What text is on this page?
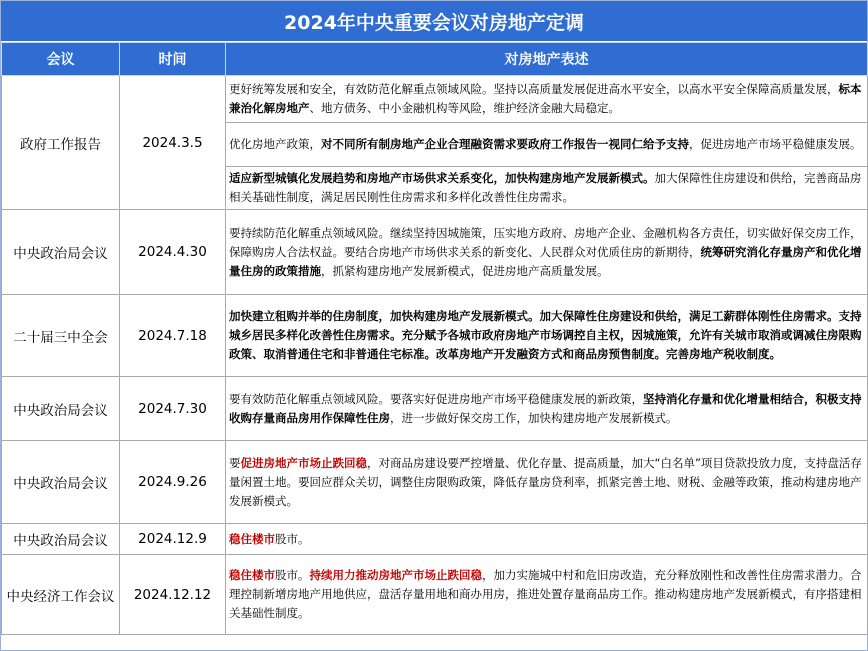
2024年中央重要会议对房地产定调
会议	时间	对房地产表述
政府工作报告	2024.3.5	更好统筹发展和安全，有效防范化解重点领域风险。坚持以高质量发展促进高水平安全，以高水平安全保障高质量发展，标本兼治化解房地产、地方债务、中小金融机构等风险，维护经济金融大局稳定。
		优化房地产政策，对不同所有制房地产企业合理融资需求要政府工作报告一视同仁给予支持，促进房地产市场平稳健康发展。
		适应新型城镇化发展趋势和房地产市场供求关系变化，加快构建房地产发展新模式。加大保障性住房建设和供给，完善商品房相关基础性制度，满足居民刚性住房需求和多样化改善性住房需求。
中央政治局会议	2024.4.30	要持续防范化解重点领域风险。继续坚持因城施策，压实地方政府、房地产企业、金融机构各方责任，切实做好保交房工作，保障购房人合法权益。要结合房地产市场供求关系的新变化、人民群众对优质住房的新期待，统筹研究消化存量房产和优化增量住房的政策措施，抓紧构建房地产发展新模式，促进房地产高质量发展。
二十届三中全会	2024.7.18	加快建立租购并举的住房制度，加快构建房地产发展新模式。加大保障性住房建设和供给，满足工薪群体刚性住房需求。支持城乡居民多样化改善性住房需求。充分赋予各城市政府房地产市场调控自主权，因城施策，允许有关城市取消或调减住房限购政策、取消普通住宅和非普通住宅标准。改革房地产开发融资方式和商品房预售制度。完善房地产税收制度。
中央政治局会议	2024.7.30	要有效防范化解重点领域风险。要落实好促进房地产市场平稳健康发展的新政策，坚持消化存量和优化增量相结合，积极支持收购存量商品房用作保障性住房，进一步做好保交房工作，加快构建房地产发展新模式。
中央政治局会议	2024.9.26	要促进房地产市场止跌回稳，对商品房建设要严控增量、优化存量、提高质量，加大“白名单”项目贷款投放力度，支持盘活存量闲置土地。要回应群众关切，调整住房限购政策，降低存量房贷利率，抓紧完善土地、财税、金融等政策，推动构建房地产发展新模式。
中央政治局会议	2024.12.9	稳住楼市股市。
中央经济工作会议	2024.12.12	稳住楼市股市。持续用力推动房地产市场止跌回稳，加力实施城中村和危旧房改造，充分释放刚性和改善性住房需求潜力。合理控制新增房地产用地供应，盘活存量用地和商办用房，推进处置存量商品房工作。推动构建房地产发展新模式，有序搭建相关基础性制度。
